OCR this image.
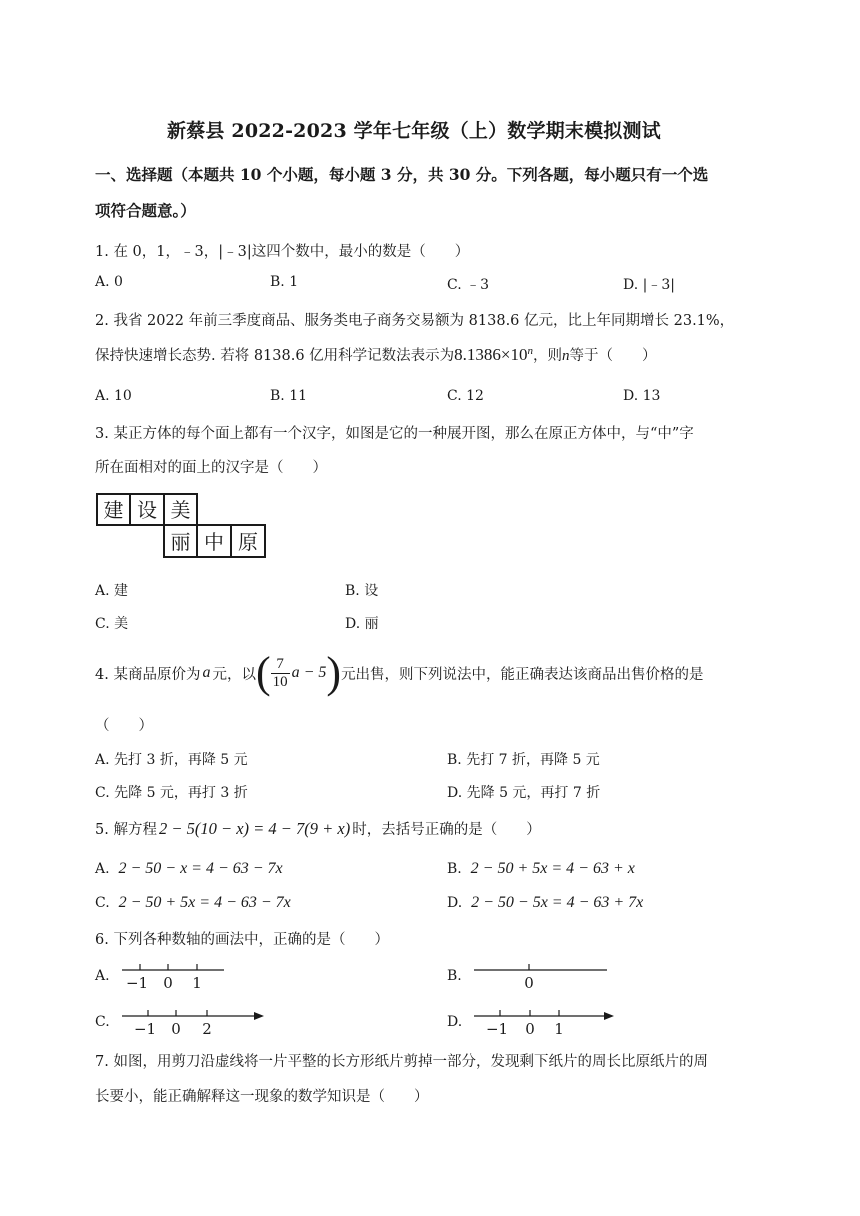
新蔡县 2022-2023 学年七年级（上）数学期末模拟测试
一、选择题（本题共 10 个小题，每小题 3 分，共 30 分。下列各题，每小题只有一个选
项符合题意。）
1. 在 0，1，﹣3，|﹣3|这四个数中，最小的数是（　　）
A. 0	B. 1	C. ﹣3	D. |﹣3|
2. 我省 2022 年前三季度商品、服务类电子商务交易额为 8138.6 亿元，比上年同期增长 23.1%，
保持快速增长态势. 若将 8138.6 亿用科学记数法表示为$8.1386\times 10^n$，则n等于（　　）
A. 10	B. 11	C. 12	D. 13
3. 某正方体的每个面上都有一个汉字，如图是它的一种展开图，那么在原正方体中，与“中”字
所在面相对的面上的汉字是（　　）
建 设 美
丽 中 原
A. 建	B. 设
C. 美	D. 丽
4. 某商品原价为 a 元，以 ( $\frac{7}{10}$ a − 5 ) 元出售，则下列说法中，能正确表达该商品出售价格的是
（　　）
A. 先打 3 折，再降 5 元	B. 先打 7 折，再降 5 元
C. 先降 5 元，再打 3 折	D. 先降 5 元，再打 7 折
5. 解方程 2 − 5(10 − x) = 4 − 7(9 + x) 时，去括号正确的是（　　）
A. 2 − 50 − x = 4 − 63 − 7x	B. 2 − 50 + 5x = 4 − 63 + x
C. 2 − 50 + 5x = 4 − 63 − 7x	D. 2 − 50 − 5x = 4 − 63 + 7x
6. 下列各种数轴的画法中，正确的是（　　）
A. −1 0 1	B.	0
C. −1 0 2	D. −1 0 1
7. 如图，用剪刀沿虚线将一片平整的长方形纸片剪掉一部分，发现剩下纸片的周长比原纸片的周
长要小，能正确解释这一现象的数学知识是（　　）
